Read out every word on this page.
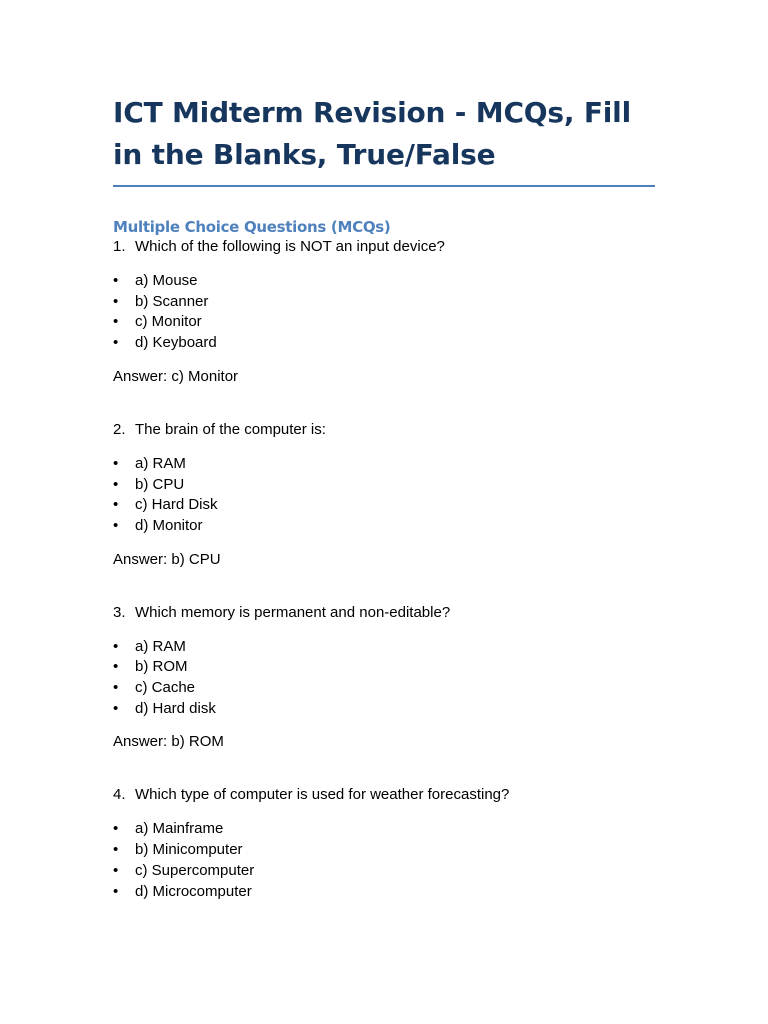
ICT Midterm Revision - MCQs, Fill in the Blanks, True/False
Multiple Choice Questions (MCQs)

1. Which of the following is NOT an input device?

•	a) Mouse
•	b) Scanner
•	c) Monitor
•	d) Keyboard

Answer: c) Monitor

2. The brain of the computer is:

•	a) RAM
•	b) CPU
•	c) Hard Disk
•	d) Monitor

Answer: b) CPU

3. Which memory is permanent and non-editable?

•	a) RAM
•	b) ROM
•	c) Cache
•	d) Hard disk

Answer: b) ROM

4. Which type of computer is used for weather forecasting?

•	a) Mainframe
•	b) Minicomputer
•	c) Supercomputer
•	d) Microcomputer
